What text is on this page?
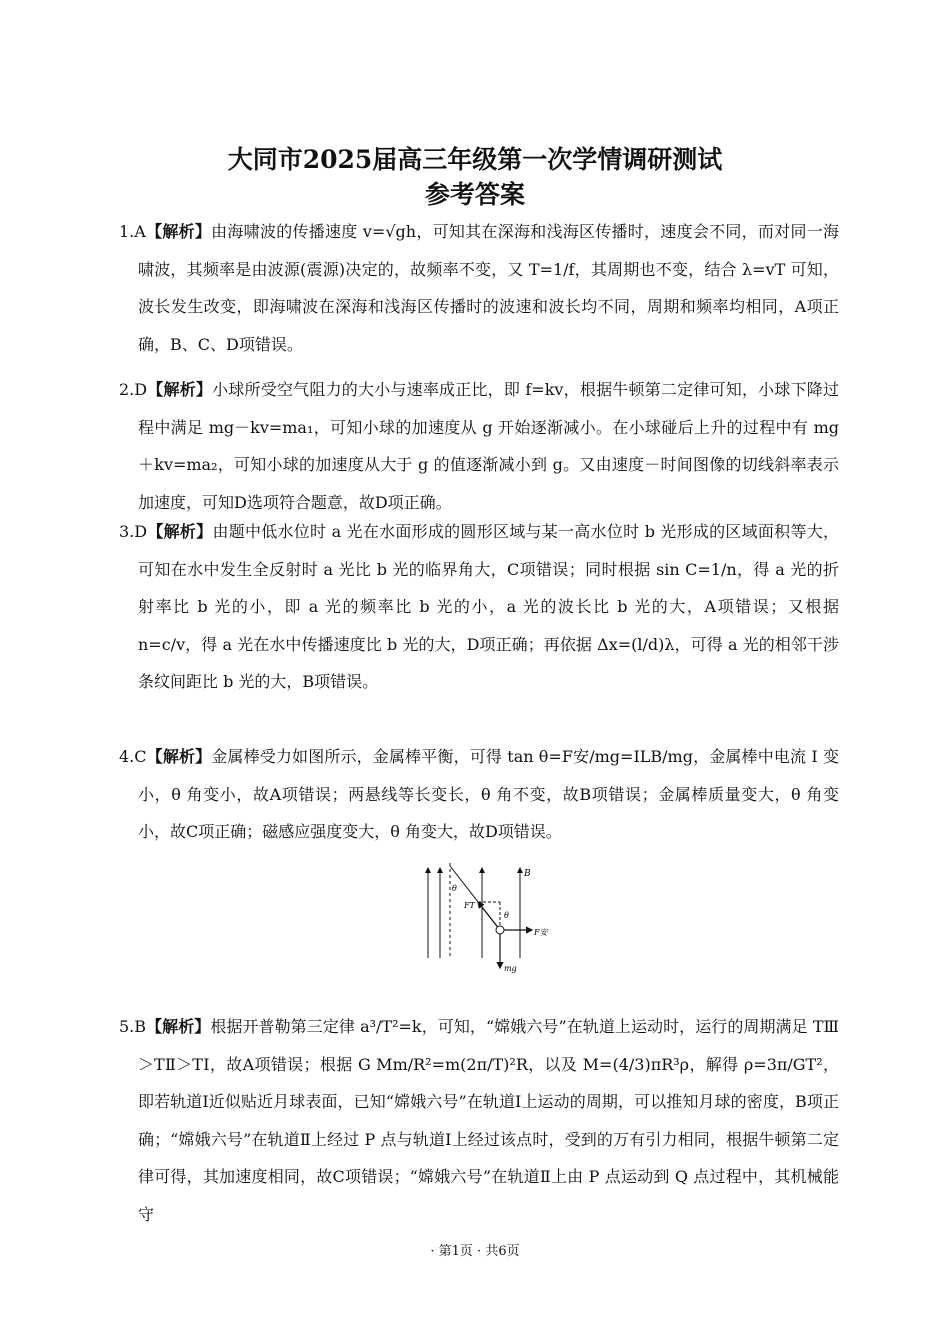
大同市2025届高三年级第一次学情调研测试
参考答案

1.A【解析】由海啸波的传播速度 v=√gh，可知其在深海和浅海区传播时，速度会不同，而对同一海啸波，其频率是由波源(震源)决定的，故频率不变，又 T=1/f，其周期也不变，结合 λ=vT 可知，波长发生改变，即海啸波在深海和浅海区传播时的波速和波长均不同，周期和频率均相同，A项正确，B、C、D项错误。

2.D【解析】小球所受空气阻力的大小与速率成正比，即 f=kv，根据牛顿第二定律可知，小球下降过程中满足 mg－kv=ma₁，可知小球的加速度从 g 开始逐渐减小。在小球碰后上升的过程中有 mg＋kv=ma₂，可知小球的加速度从大于 g 的值逐渐减小到 g。又由速度－时间图像的切线斜率表示加速度，可知D选项符合题意，故D项正确。

3.D【解析】由题中低水位时 a 光在水面形成的圆形区域与某一高水位时 b 光形成的区域面积等大，可知在水中发生全反射时 a 光比 b 光的临界角大，C项错误；同时根据 sin C=1/n，得 a 光的折射率比 b 光的小，即 a 光的频率比 b 光的小，a 光的波长比 b 光的大，A项错误；又根据 n=c/v，得 a 光在水中传播速度比 b 光的大，D项正确；再依据 Δx=(l/d)λ，可得 a 光的相邻干涉条纹间距比 b 光的大，B项错误。

4.C【解析】金属棒受力如图所示，金属棒平衡，可得 tan θ=F安/mg=ILB/mg，金属棒中电流 I 变小，θ 角变小，故A项错误；两悬线等长变长，θ 角不变，故B项错误；金属棒质量变大，θ 角变小，故C项正确；磁感应强度变大，θ 角变大，故D项错误。

B
θ
θ
FT
F安
mg

5.B【解析】根据开普勒第三定律 a³/T²=k，可知，“嫦娥六号”在轨道上运动时，运行的周期满足 TⅢ＞TⅡ＞TⅠ，故A项错误；根据 G Mm/R²=m(2π/T)²R，以及 M=(4/3)πR³ρ，解得 ρ=3π/GT²，即若轨道Ⅰ近似贴近月球表面，已知“嫦娥六号”在轨道Ⅰ上运动的周期，可以推知月球的密度，B项正确；“嫦娥六号”在轨道Ⅱ上经过 P 点与轨道Ⅰ上经过该点时，受到的万有引力相同，根据牛顿第二定律可得，其加速度相同，故C项错误；“嫦娥六号”在轨道Ⅱ上由 P 点运动到 Q 点过程中，其机械能守

· 第1页 · 共6页
